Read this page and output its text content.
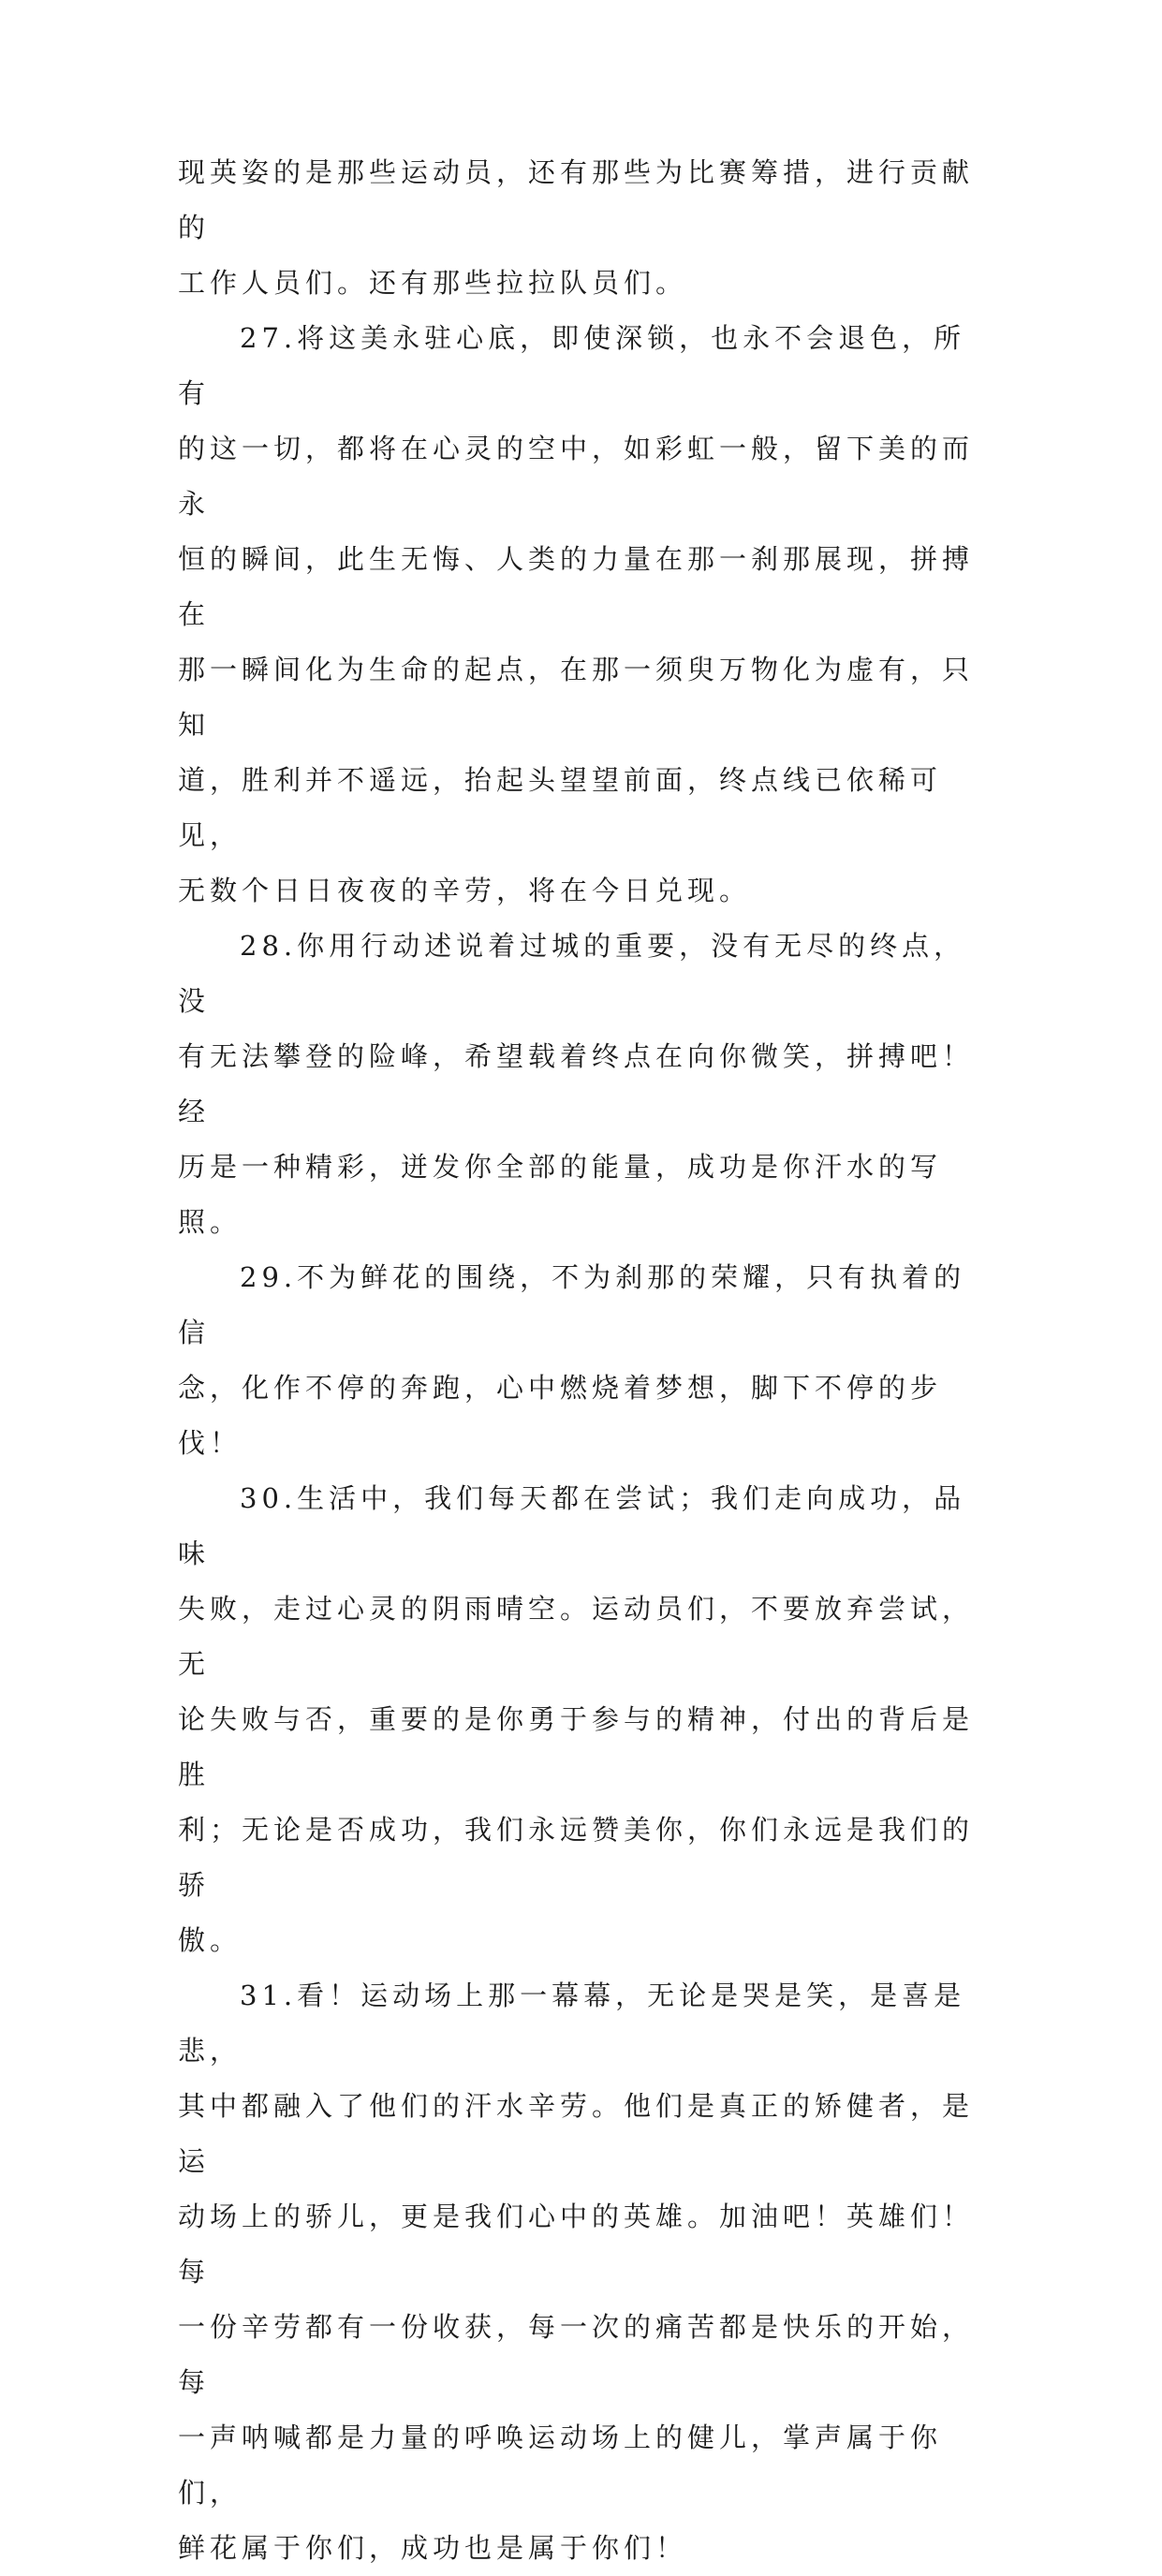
现英姿的是那些运动员，还有那些为比赛筹措，进行贡献的
工作人员们。还有那些拉拉队员们。
27.将这美永驻心底，即使深锁，也永不会退色，所有
的这一切，都将在心灵的空中，如彩虹一般，留下美的而永
恒的瞬间，此生无悔、人类的力量在那一刹那展现，拼搏在
那一瞬间化为生命的起点，在那一须臾万物化为虚有，只知
道，胜利并不遥远，抬起头望望前面，终点线已依稀可见，
无数个日日夜夜的辛劳，将在今日兑现。
28.你用行动述说着过城的重要，没有无尽的终点，没
有无法攀登的险峰，希望载着终点在向你微笑，拼搏吧！经
历是一种精彩，迸发你全部的能量，成功是你汗水的写照。
29.不为鲜花的围绕，不为刹那的荣耀，只有执着的信
念，化作不停的奔跑，心中燃烧着梦想，脚下不停的步伐！
30.生活中，我们每天都在尝试；我们走向成功，品味
失败，走过心灵的阴雨晴空。运动员们，不要放弃尝试，无
论失败与否，重要的是你勇于参与的精神，付出的背后是胜
利；无论是否成功，我们永远赞美你，你们永远是我们的骄
傲。
31.看！运动场上那一幕幕，无论是哭是笑，是喜是悲，
其中都融入了他们的汗水辛劳。他们是真正的矫健者，是运
动场上的骄儿，更是我们心中的英雄。加油吧！英雄们！每
一份辛劳都有一份收获，每一次的痛苦都是快乐的开始，每
一声呐喊都是力量的呼唤运动场上的健儿，掌声属于你们，
鲜花属于你们，成功也是属于你们！
